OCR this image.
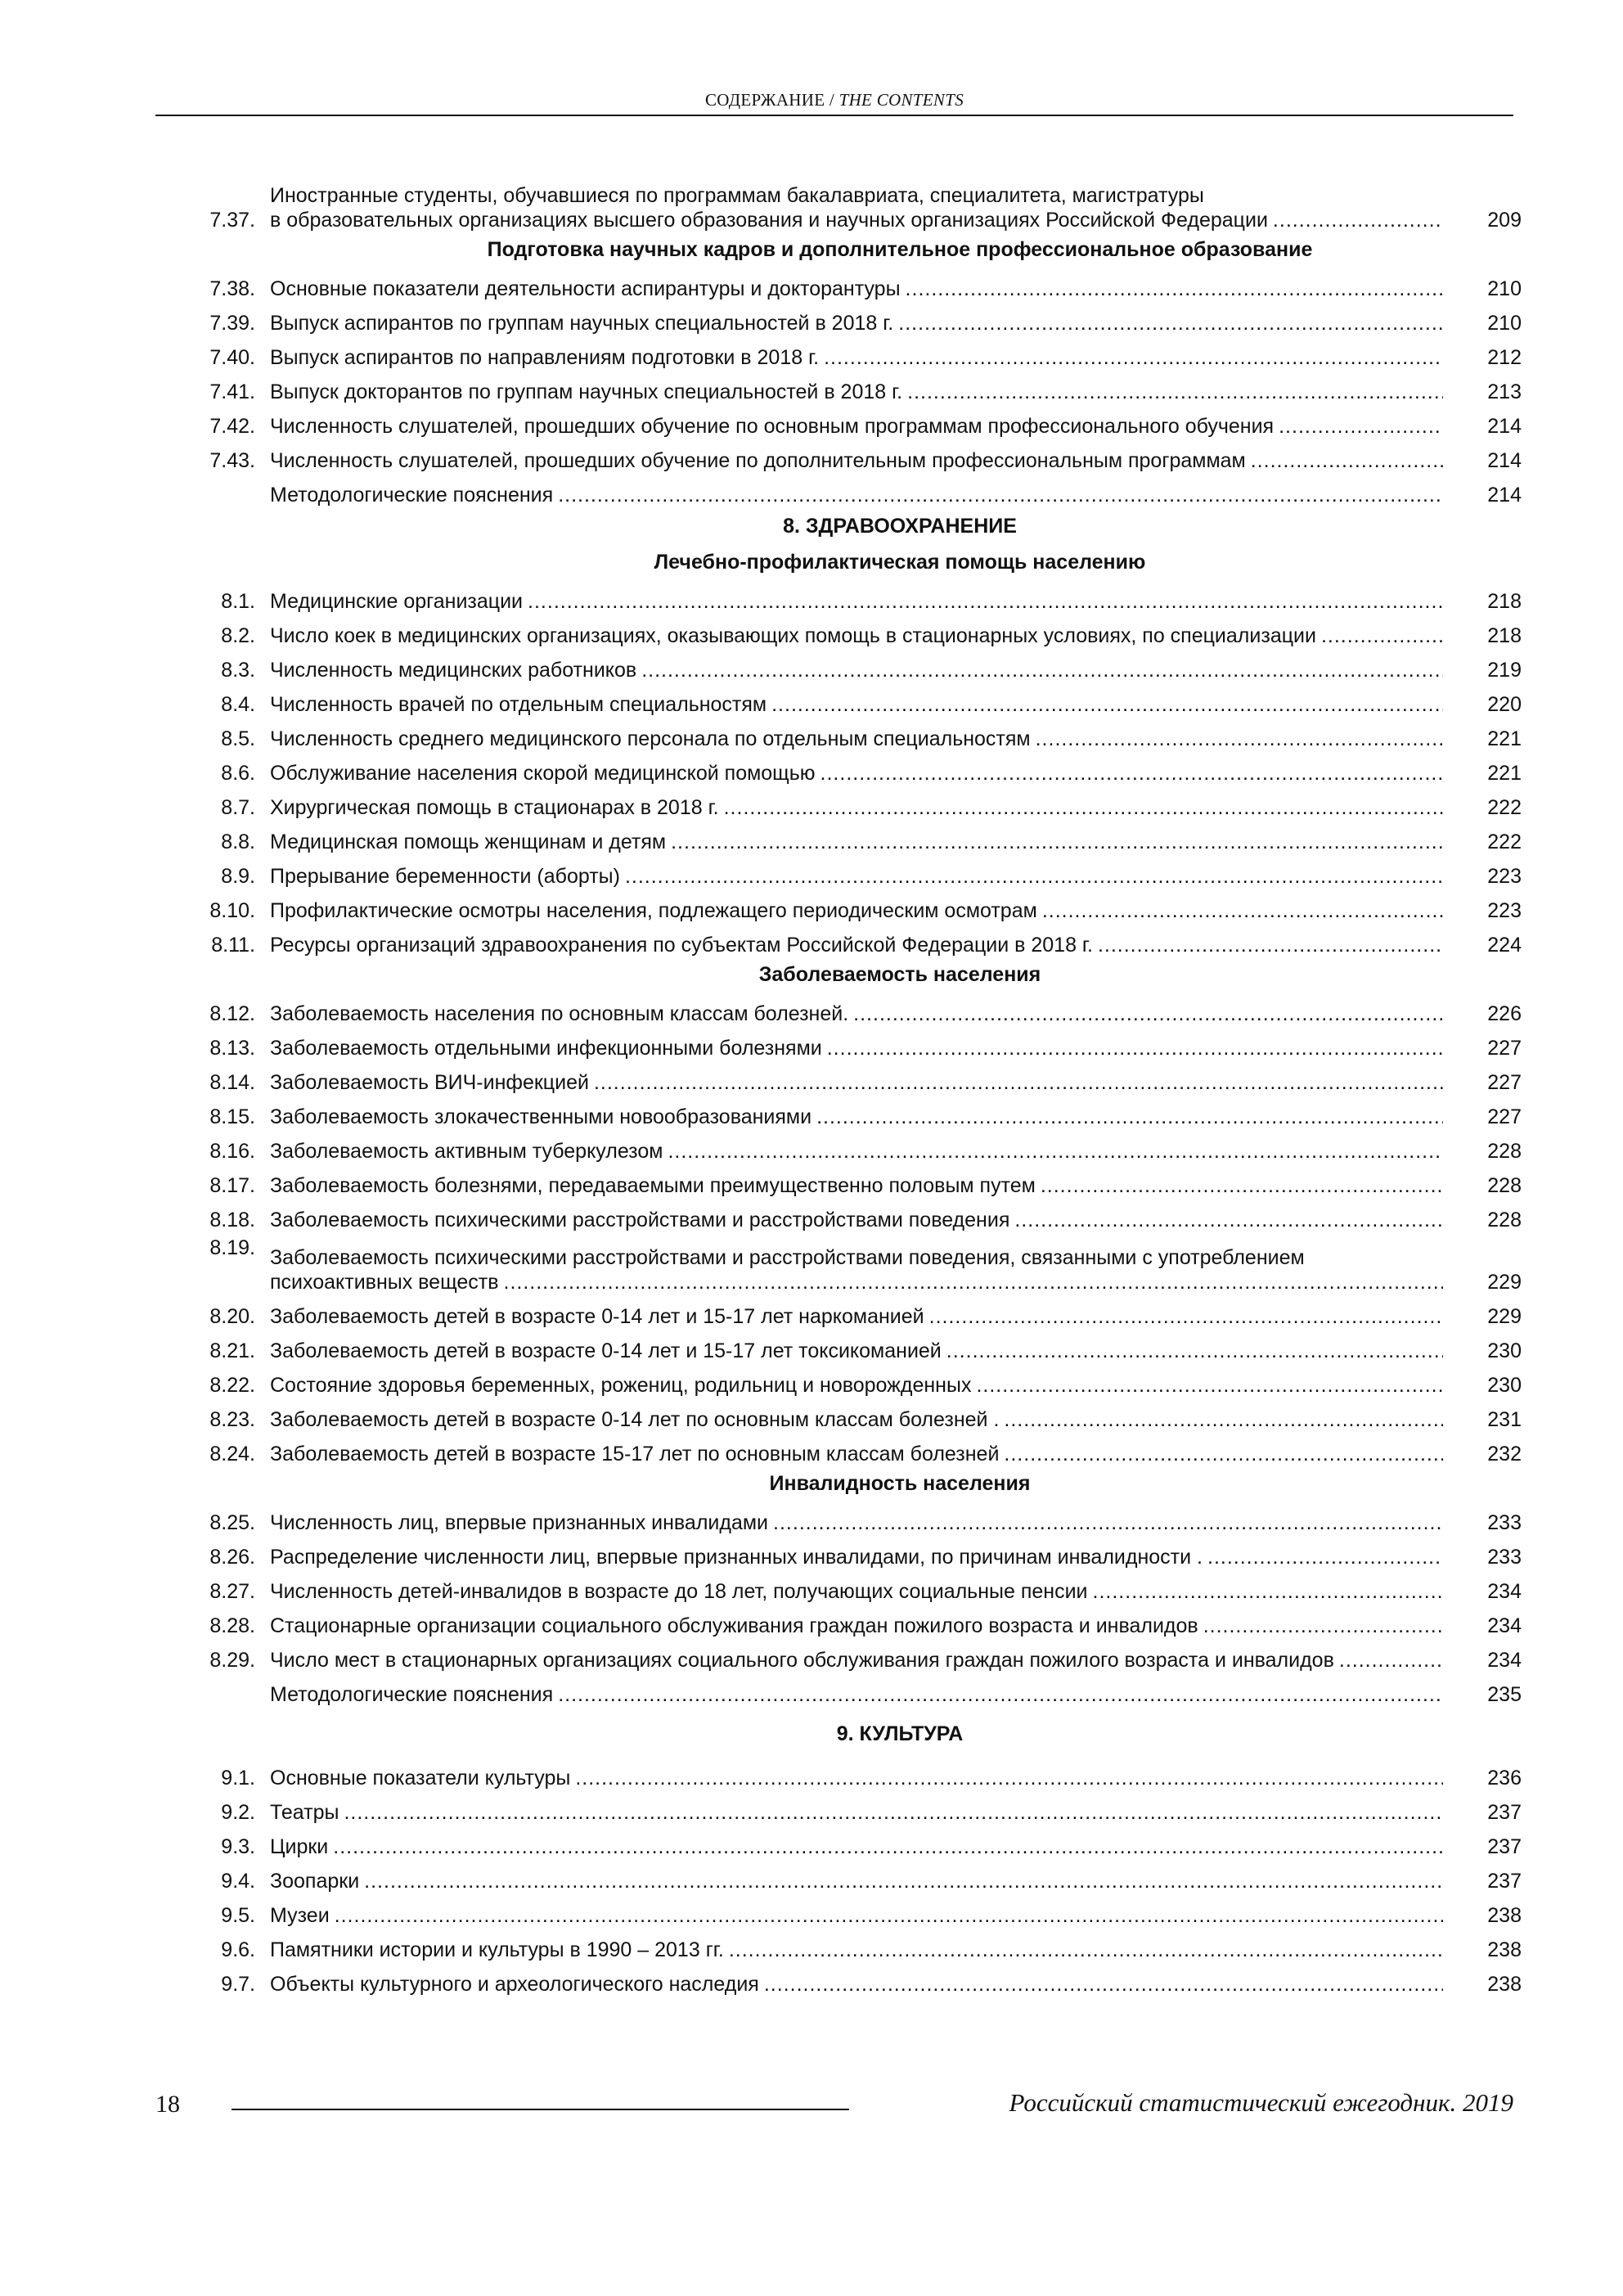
СОДЕРЖАНИЕ / THE CONTENTS
7.37.
Иностранные студенты, обучавшиеся по программам бакалавриата, специалитета, магистратуры
в образовательных организациях высшего образования и научных организациях Российской Федерации .....	209
Подготовка научных кадров и дополнительное профессиональное образование
7.38. Основные показатели деятельности аспирантуры и докторантуры .....	210
7.39. Выпуск аспирантов по группам научных специальностей в 2018 г. .....	210
7.40. Выпуск аспирантов по направлениям подготовки в 2018 г. .....	212
7.41. Выпуск докторантов по группам научных специальностей в 2018 г. .....	213
7.42. Численность слушателей, прошедших обучение по основным программам профессионального обучения .....	214
7.43. Численность слушателей, прошедших обучение по дополнительным профессиональным программам .....	214
Методологические пояснения .....	214
8. ЗДРАВООХРАНЕНИЕ
Лечебно-профилактическая помощь населению
8.1. Медицинские организации .....	218
8.2. Число коек в медицинских организациях, оказывающих помощь в стационарных условиях, по специализации .....	218
8.3. Численность медицинских работников .....	219
8.4. Численность врачей по отдельным специальностям .....	220
8.5. Численность среднего медицинского персонала по отдельным специальностям .....	221
8.6. Обслуживание населения скорой медицинской помощью .....	221
8.7. Хирургическая помощь в стационарах в 2018 г. .....	222
8.8. Медицинская помощь женщинам и детям .....	222
8.9. Прерывание беременности (аборты) .....	223
8.10. Профилактические осмотры населения, подлежащего периодическим осмотрам .....	223
8.11. Ресурсы организаций здравоохранения по субъектам Российской Федерации в 2018 г. .....	224
Заболеваемость населения
8.12. Заболеваемость населения по основным классам болезней. .....	226
8.13. Заболеваемость отдельными инфекционными болезнями .....	227
8.14. Заболеваемость ВИЧ-инфекцией .....	227
8.15. Заболеваемость злокачественными новообразованиями .....	227
8.16. Заболеваемость активным туберкулезом .....	228
8.17. Заболеваемость болезнями, передаваемыми преимущественно половым путем .....	228
8.18. Заболеваемость психическими расстройствами и расстройствами поведения .....	228
8.19. Заболеваемость психическими расстройствами и расстройствами поведения, связанными с употреблением
психоактивных веществ .....	229
8.20. Заболеваемость детей в возрасте 0-14 лет и 15-17 лет наркоманией .....	229
8.21. Заболеваемость детей в возрасте 0-14 лет и 15-17 лет токсикоманией .....	230
8.22. Состояние здоровья беременных, рожениц, родильниц и новорожденных .....	230
8.23. Заболеваемость детей в возрасте 0-14 лет по основным классам болезней . .....	231
8.24. Заболеваемость детей в возрасте 15-17 лет по основным классам болезней .....	232
Инвалидность населения
8.25. Численность лиц, впервые признанных инвалидами .....	233
8.26. Распределение численности лиц, впервые признанных инвалидами, по причинам инвалидности . .....	233
8.27. Численность детей-инвалидов в возрасте до 18 лет, получающих социальные пенсии .....	234
8.28. Стационарные организации социального обслуживания граждан пожилого возраста и инвалидов .....	234
8.29. Число мест в стационарных организациях социального обслуживания граждан пожилого возраста и инвалидов .....	234
Методологические пояснения .....	235
9. КУЛЬТУРА
9.1. Основные показатели культуры .....	236
9.2. Театры .....	237
9.3. Цирки .....	237
9.4. Зоопарки .....	237
9.5. Музеи .....	238
9.6. Памятники истории и культуры в 1990 – 2013 гг. .....	238
9.7. Объекты культурного и археологического наследия .....	238
18	Российский статистический ежегодник. 2019
